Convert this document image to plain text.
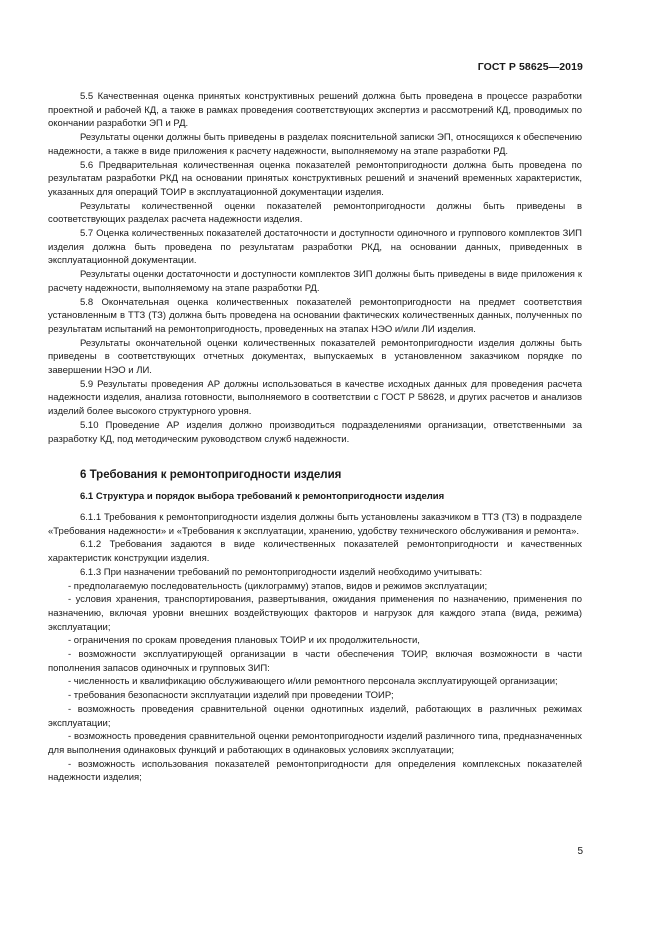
ГОСТ Р 58625—2019

5.5 Качественная оценка принятых конструктивных решений должна быть проведена в процессе разработки проектной и рабочей КД, а также в рамках проведения соответствующих экспертиз и рассмотрений КД, проводимых по окончании разработки ЭП и РД.

Результаты оценки должны быть приведены в разделах пояснительной записки ЭП, относящихся к обеспечению надежности, а также в виде приложения к расчету надежности, выполняемому на этапе разработки РД.

5.6 Предварительная количественная оценка показателей ремонтопригодности должна быть проведена по результатам разработки РКД на основании принятых конструктивных решений и значений временных характеристик, указанных для операций ТОИР в эксплуатационной документации изделия.

Результаты количественной оценки показателей ремонтопригодности должны быть приведены в соответствующих разделах расчета надежности изделия.

5.7 Оценка количественных показателей достаточности и доступности одиночного и группового комплектов ЗИП изделия должна быть проведена по результатам разработки РКД, на основании данных, приведенных в эксплуатационной документации.

Результаты оценки достаточности и доступности комплектов ЗИП должны быть приведены в виде приложения к расчету надежности, выполняемому на этапе разработки РД.

5.8 Окончательная оценка количественных показателей ремонтопригодности на предмет соответствия установленным в ТТЗ (ТЗ) должна быть проведена на основании фактических количественных данных, полученных по результатам испытаний на ремонтопригодность, проведенных на этапах НЭО и/или ЛИ изделия.

Результаты окончательной оценки количественных показателей ремонтопригодности изделия должны быть приведены в соответствующих отчетных документах, выпускаемых в установленном заказчиком порядке по завершении НЭО и ЛИ.

5.9 Результаты проведения АР должны использоваться в качестве исходных данных для проведения расчета надежности изделия, анализа готовности, выполняемого в соответствии с ГОСТ Р 58628, и других расчетов и анализов изделий более высокого структурного уровня.

5.10 Проведение АР изделия должно производиться подразделениями организации, ответственными за разработку КД, под методическим руководством служб надежности.

6 Требования к ремонтопригодности изделия
6.1 Структура и порядок выбора требований к ремонтопригодности изделия

6.1.1 Требования к ремонтопригодности изделия должны быть установлены заказчиком в ТТЗ (ТЗ) в подразделе «Требования надежности» и «Требования к эксплуатации, хранению, удобству технического обслуживания и ремонта».

6.1.2 Требования задаются в виде количественных показателей ремонтопригодности и качественных характеристик конструкции изделия.

6.1.3 При назначении требований по ремонтопригодности изделий необходимо учитывать:

- предполагаемую последовательность (циклограмму) этапов, видов и режимов эксплуатации;

- условия хранения, транспортирования, развертывания, ожидания применения по назначению, применения по назначению, включая уровни внешних воздействующих факторов и нагрузок для каждого этапа (вида, режима) эксплуатации;

- ограничения по срокам проведения плановых ТОИР и их продолжительности,

- возможности эксплуатирующей организации в части обеспечения ТОИР, включая возможности в части пополнения запасов одиночных и групповых ЗИП:

- численность и квалификацию обслуживающего и/или ремонтного персонала эксплуатирующей организации;

- требования безопасности эксплуатации изделий при проведении ТОИР;

- возможность проведения сравнительной оценки однотипных изделий, работающих в различных режимах эксплуатации;

- возможность проведения сравнительной оценки ремонтопригодности изделий различного типа, предназначенных для выполнения одинаковых функций и работающих в одинаковых условиях эксплуатации;

- возможность использования показателей ремонтопригодности для определения комплексных показателей надежности изделия;

5
